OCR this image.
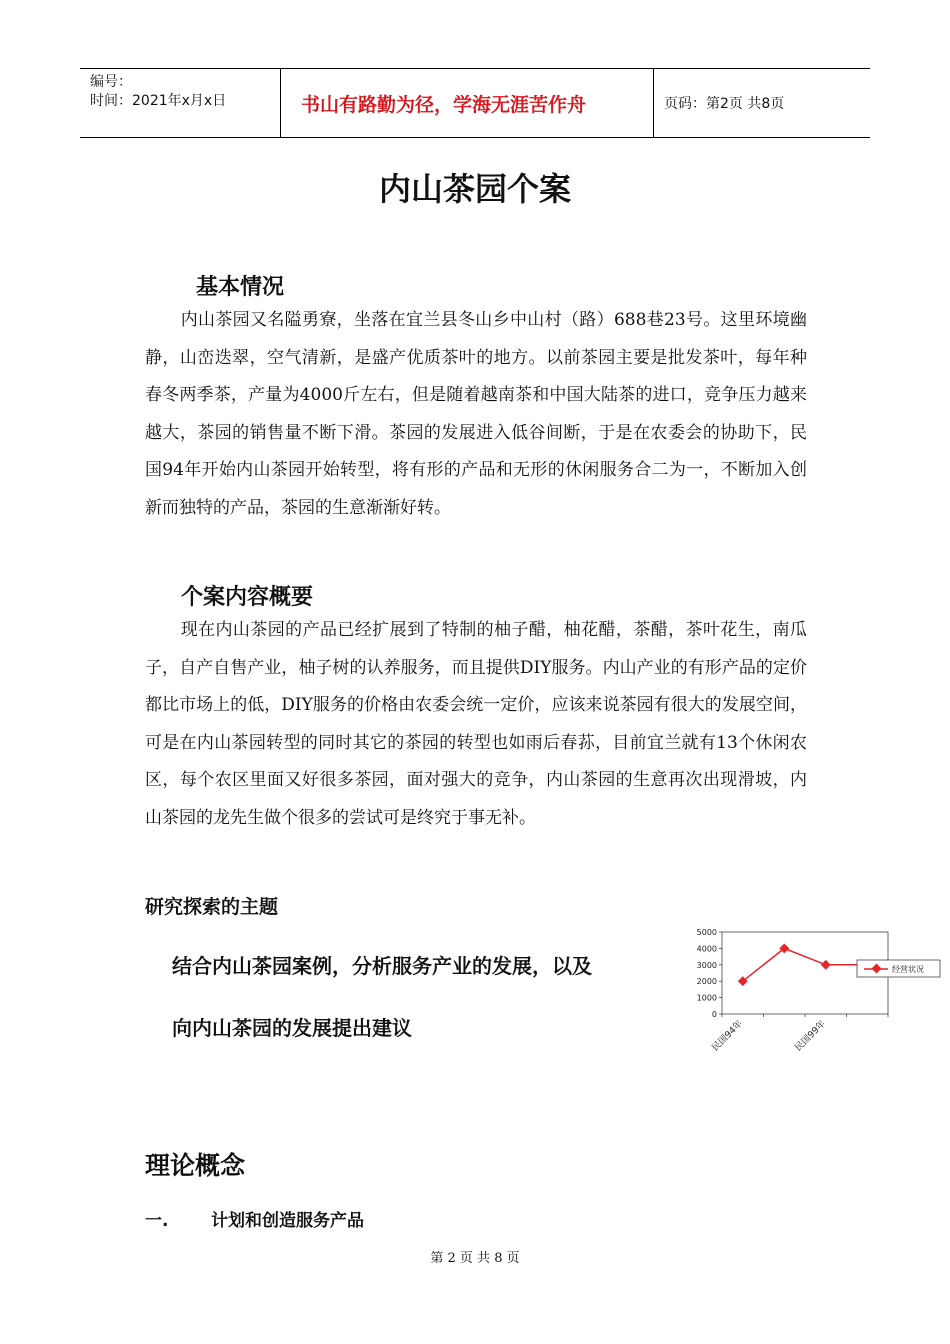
编号：
时间：2021年x月x日	书山有路勤为径，学海无涯苦作舟	页码：第2页 共8页
内山茶园个案
基本情况

内山茶园又名隘勇寮，坐落在宜兰县冬山乡中山村（路）688巷23号。这里环境幽静，山峦迭翠，空气清新，是盛产优质茶叶的地方。以前茶园主要是批发茶叶，每年种春冬两季茶，产量为4000斤左右，但是随着越南茶和中国大陆茶的进口，竞争压力越来越大，茶园的销售量不断下滑。茶园的发展进入低谷间断，于是在农委会的协助下，民国94年开始内山茶园开始转型，将有形的产品和无形的休闲服务合二为一，不断加入创新而独特的产品，茶园的生意渐渐好转。

个案内容概要

现在内山茶园的产品已经扩展到了特制的柚子醋，柚花醋，茶醋，茶叶花生，南瓜子，自产自售产业，柚子树的认养服务，而且提供DIY服务。内山产业的有形产品的定价都比市场上的低，DIY服务的价格由农委会统一定价，应该来说茶园有很大的发展空间，可是在内山茶园转型的同时其它的茶园的转型也如雨后春荪，目前宜兰就有13个休闲农区，每个农区里面又好很多茶园，面对强大的竞争，内山茶园的生意再次出现滑坡，内山茶园的龙先生做个很多的尝试可是终究于事无补。

研究探索的主题
结合内山茶园案例，分析服务产业的发展，以及
向内山茶园的发展提出建议
5000
4000
3000
2000
1000
0
民国94年	民国99年
经营状况
理论概念
一.	计划和创造服务产品
第 2 页 共 8 页
